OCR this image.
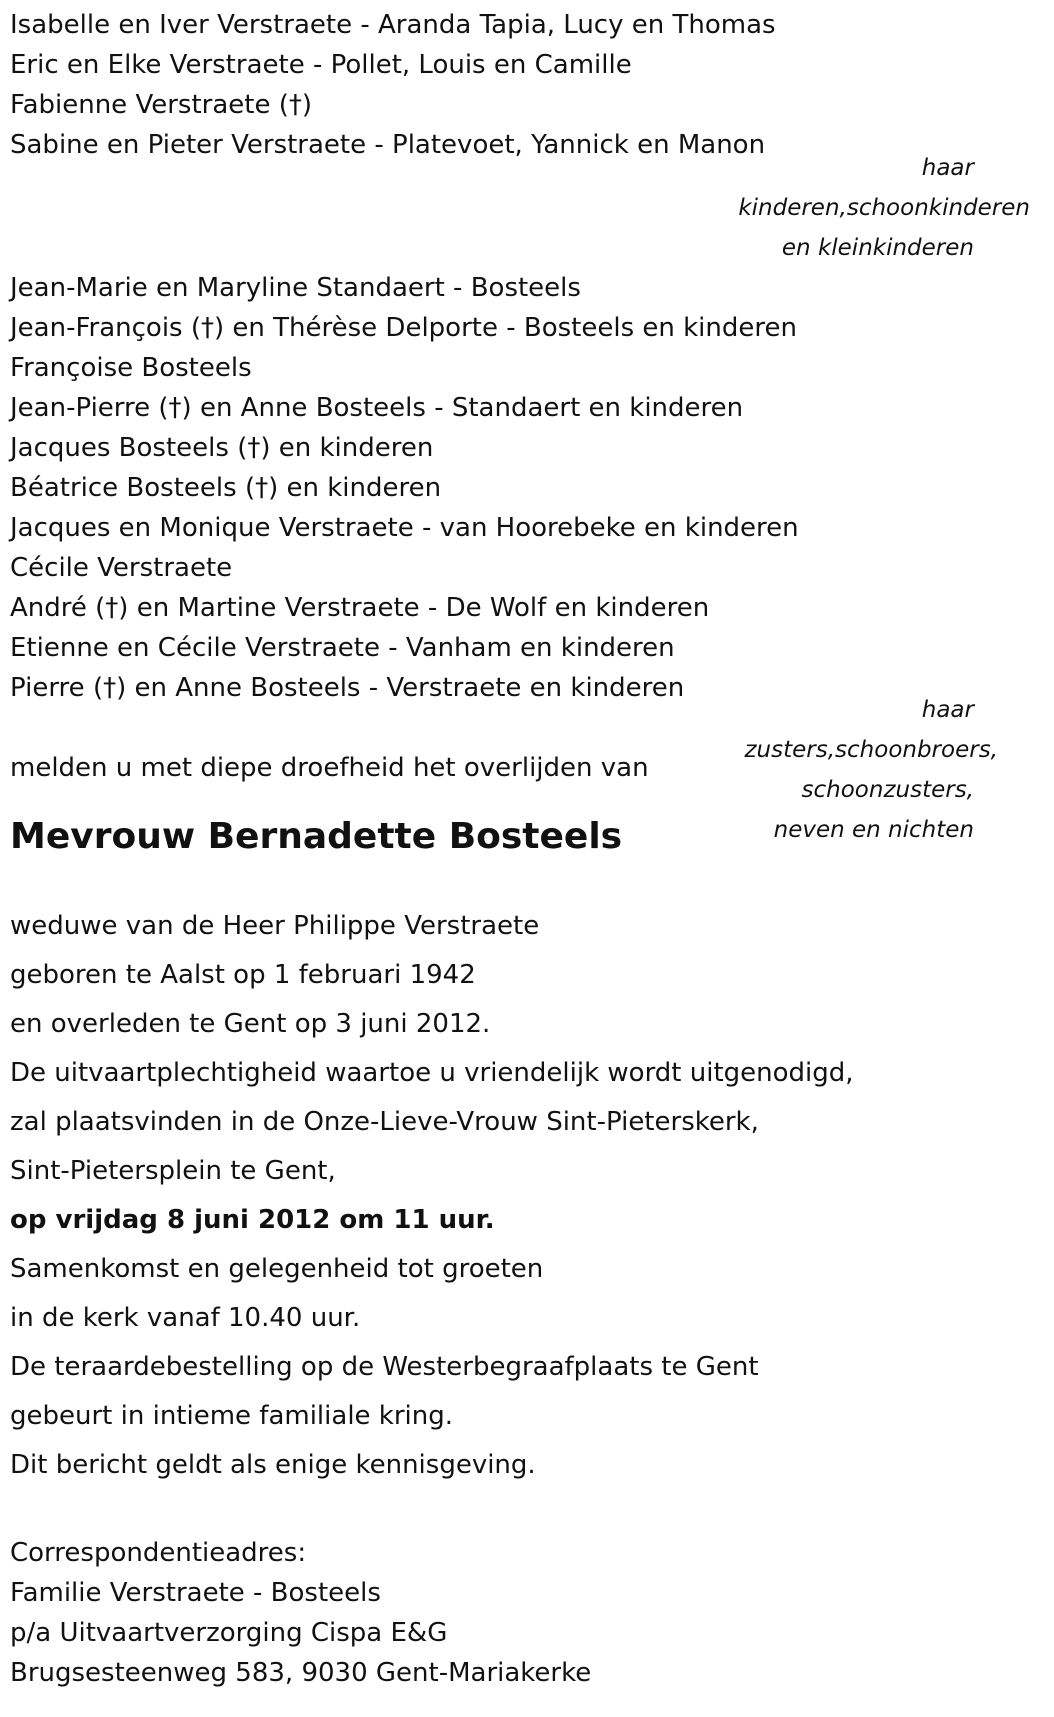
Isabelle en Iver Verstraete - Aranda Tapia, Lucy en Thomas
Eric en Elke Verstraete - Pollet, Louis en Camille
Fabienne Verstraete (†)
Sabine en Pieter Verstraete - Platevoet, Yannick en Manon
haar
kinderen,schoonkinderen
en kleinkinderen
Jean-Marie en Maryline Standaert - Bosteels
Jean-François (†) en Thérèse Delporte - Bosteels en kinderen
Françoise Bosteels
Jean-Pierre (†) en Anne Bosteels - Standaert en kinderen
Jacques Bosteels (†) en kinderen
Béatrice Bosteels (†) en kinderen
Jacques en Monique Verstraete - van Hoorebeke en kinderen
Cécile Verstraete
André (†) en Martine Verstraete - De Wolf en kinderen
Etienne en Cécile Verstraete - Vanham en kinderen
Pierre (†) en Anne Bosteels - Verstraete en kinderen
haar
zusters,schoonbroers,
schoonzusters,
neven en nichten
melden u met diepe droefheid het overlijden van
Mevrouw Bernadette Bosteels
weduwe van de Heer Philippe Verstraete
geboren te Aalst op 1 februari 1942
en overleden te Gent op 3 juni 2012.
De uitvaartplechtigheid waartoe u vriendelijk wordt uitgenodigd,
zal plaatsvinden in de Onze-Lieve-Vrouw Sint-Pieterskerk,
Sint-Pietersplein te Gent,
op vrijdag 8 juni 2012 om 11 uur.
Samenkomst en gelegenheid tot groeten
in de kerk vanaf 10.40 uur.
De teraardebestelling op de Westerbegraafplaats te Gent
gebeurt in intieme familiale kring.
Dit bericht geldt als enige kennisgeving.
Correspondentieadres:
Familie Verstraete - Bosteels
p/a Uitvaartverzorging Cispa E&G
Brugsesteenweg 583, 9030 Gent-Mariakerke
